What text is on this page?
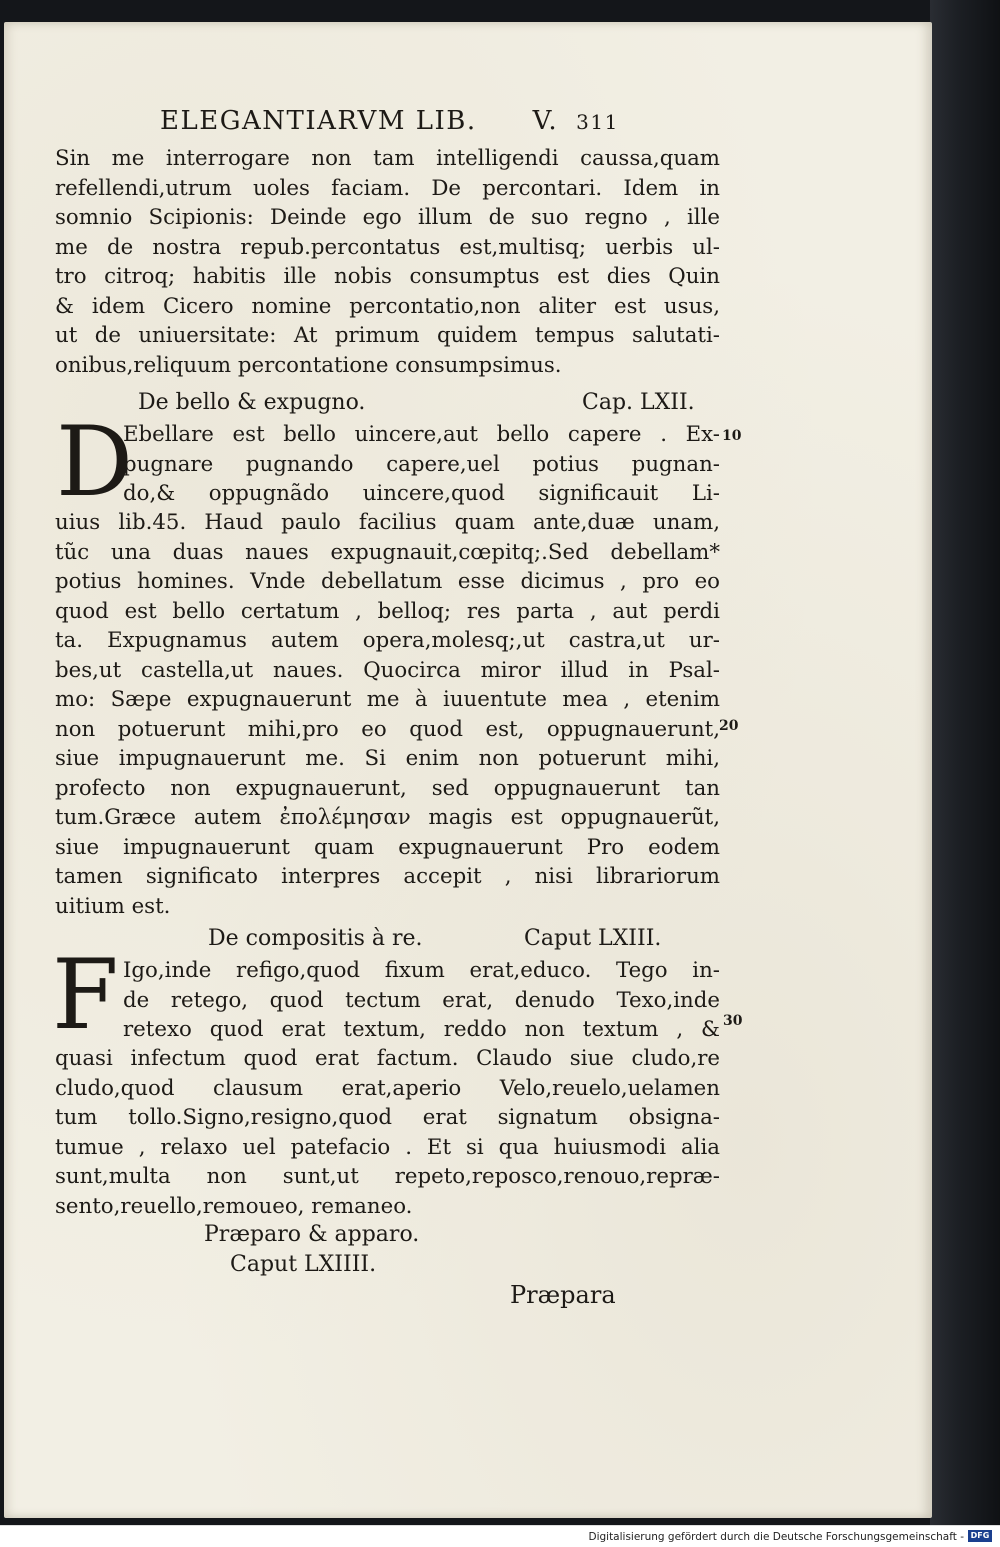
ELEGANTIARVM LIB. V. 311
Sin me interrogare non tam intelligendi caussa,quam
refellendi,utrum uoles faciam. De percontari. Idem in
somnio Scipionis: Deinde ego illum de suo regno , ille
me de nostra repub.percontatus est,multisq; uerbis ul-
tro citroq; habitis ille nobis consumptus est dies Quin
& idem Cicero nomine percontatio,non aliter est usus,
ut de uniuersitate: At primum quidem tempus salutati-
onibus,reliquum percontatione consumpsimus.
De bello & expugno.	Cap. LXII.
D
Ebellare est bello uincere,aut bello capere . Ex-
pugnare pugnando capere,uel potius pugnan-
do,& oppugnãdo uincere,quod significauit Li-
uius lib.45. Haud paulo facilius quam ante,duæ unam,
tũc una duas naues expugnauit,cœpitq;.Sed debellam*
potius homines. Vnde debellatum esse dicimus , pro eo
quod est bello certatum , belloq; res parta , aut perdi
ta. Expugnamus autem opera,molesq;,ut castra,ut ur-
bes,ut castella,ut naues. Quocirca miror illud in Psal-
mo: Sæpe expugnauerunt me à iuuentute mea , etenim
non potuerunt mihi,pro eo quod est, oppugnauerunt,
siue impugnauerunt me. Si enim non potuerunt mihi,
profecto non expugnauerunt, sed oppugnauerunt tan
tum.Græce autem ἐπολέμησαν magis est oppugnauerũt,
siue impugnauerunt quam expugnauerunt Pro eodem
tamen significato interpres accepit , nisi librariorum
uitium est.
10
20
30
De compositis à re.	Caput LXIII.
F Igo,inde refigo,quod fixum erat,educo. Tego in-
de retego, quod tectum erat, denudo Texo,inde
retexo quod erat textum, reddo non textum , &
quasi infectum quod erat factum. Claudo siue cludo,re
cludo,quod clausum erat,aperio Velo,reuelo,uelamen
tum tollo.Signo,resigno,quod erat signatum obsigna-
tumue , relaxo uel patefacio . Et si qua huiusmodi alia
sunt,multa non sunt,ut repeto,reposco,renouo,repræ-
sento,reuello,remoueo, remaneo.
Præparo & apparo.
Caput LXIIII.
Præpara
Digitalisierung gefördert durch die Deutsche Forschungsgemeinschaft - DFG
